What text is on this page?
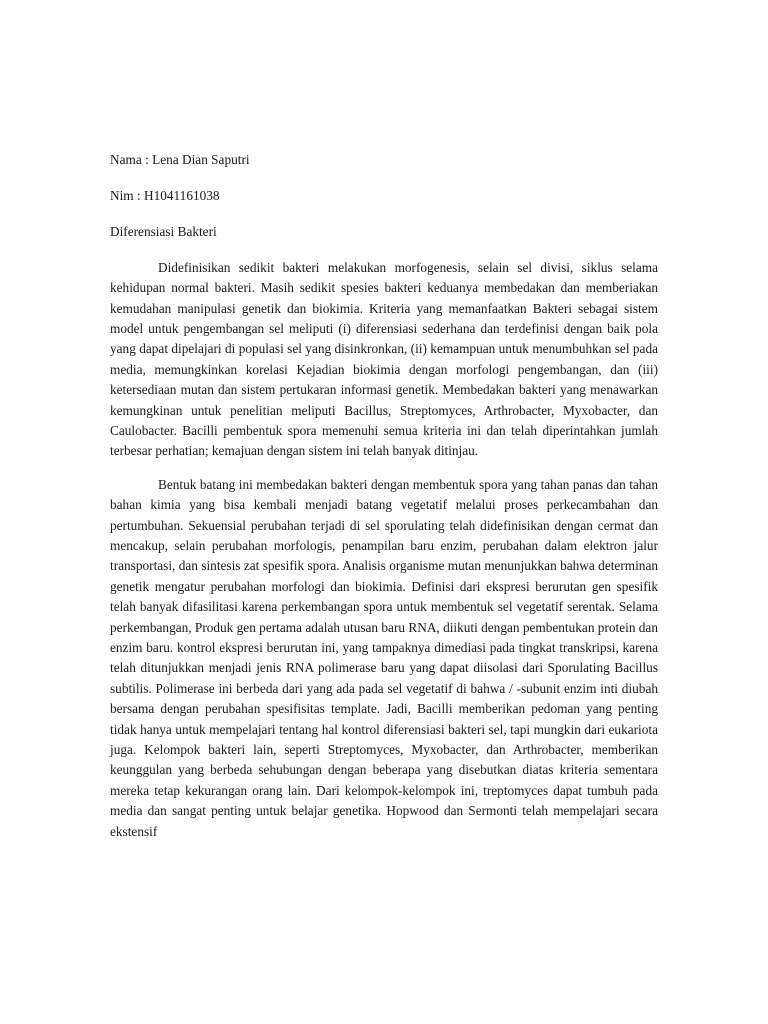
Nama : Lena Dian Saputri

Nim : H1041161038

Diferensiasi Bakteri

Didefinisikan sedikit bakteri melakukan morfogenesis, selain sel divisi, siklus selama kehidupan normal bakteri. Masih sedikit spesies bakteri keduanya membedakan dan memberiakan kemudahan manipulasi genetik dan biokimia. Kriteria yang memanfaatkan Bakteri sebagai sistem model untuk pengembangan sel meliputi (i) diferensiasi sederhana dan terdefinisi dengan baik pola yang dapat dipelajari di populasi sel yang disinkronkan, (ii) kemampuan untuk menumbuhkan sel pada media, memungkinkan korelasi Kejadian biokimia dengan morfologi pengembangan, dan (iii) ketersediaan mutan dan sistem pertukaran informasi genetik. Membedakan bakteri yang menawarkan kemungkinan untuk penelitian meliputi Bacillus, Streptomyces, Arthrobacter, Myxobacter, dan Caulobacter. Bacilli pembentuk spora memenuhi semua kriteria ini dan telah diperintahkan jumlah terbesar perhatian; kemajuan dengan sistem ini telah banyak ditinjau.

Bentuk batang ini membedakan bakteri dengan membentuk spora yang tahan panas dan tahan bahan kimia yang bisa kembali menjadi batang vegetatif melalui proses perkecambahan dan pertumbuhan. Sekuensial perubahan terjadi di sel sporulating telah didefinisikan dengan cermat dan mencakup, selain perubahan morfologis, penampilan baru enzim, perubahan dalam elektron jalur transportasi, dan sintesis zat spesifik spora. Analisis organisme mutan menunjukkan bahwa determinan genetik mengatur perubahan morfologi dan biokimia. Definisi dari ekspresi berurutan gen spesifik telah banyak difasilitasi karena perkembangan spora untuk membentuk sel vegetatif serentak. Selama perkembangan, Produk gen pertama adalah utusan baru RNA, diikuti dengan pembentukan protein dan enzim baru. kontrol ekspresi berurutan ini, yang tampaknya dimediasi pada tingkat transkripsi, karena telah ditunjukkan menjadi jenis RNA polimerase baru yang dapat diisolasi dari Sporulating Bacillus subtilis. Polimerase ini berbeda dari yang ada pada sel vegetatif di bahwa / -subunit enzim inti diubah bersama dengan perubahan spesifisitas template. Jadi, Bacilli memberikan pedoman yang penting tidak hanya untuk mempelajari tentang hal kontrol diferensiasi bakteri sel, tapi mungkin dari eukariota juga. Kelompok bakteri lain, seperti Streptomyces, Myxobacter, dan Arthrobacter, memberikan keunggulan yang berbeda sehubungan dengan beberapa yang disebutkan diatas kriteria sementara mereka tetap kekurangan orang lain. Dari kelompok-kelompok ini, treptomyces dapat tumbuh pada media dan sangat penting untuk belajar genetika. Hopwood dan Sermonti telah mempelajari secara ekstensif
